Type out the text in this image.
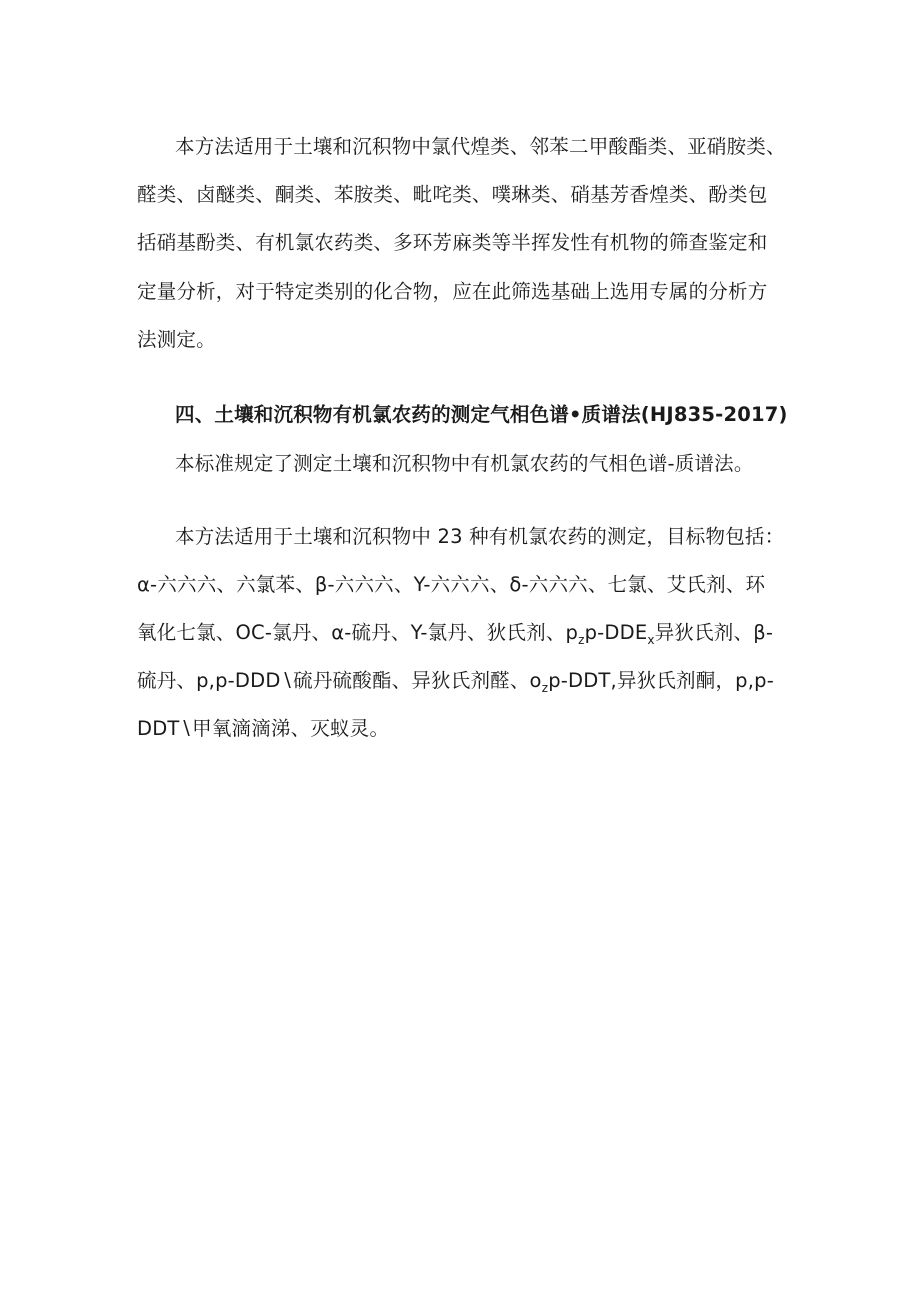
本方法适用于土壤和沉积物中氯代煌类、邻苯二甲酸酯类、亚硝胺类、
醛类、卤醚类、酮类、苯胺类、毗咤类、噗琳类、硝基芳香煌类、酚类包
括硝基酚类、有机氯农药类、多环芳麻类等半挥发性有机物的筛查鉴定和
定量分析，对于特定类别的化合物，应在此筛选基础上选用专属的分析方
法测定。
四、土壤和沉积物有机氯农药的测定气相色谱•质谱法(HJ835-2017)
本标准规定了测定土壤和沉积物中有机氯农药的气相色谱-质谱法。
本方法适用于土壤和沉积物中 23 种有机氯农药的测定，目标物包括：
α-六六六、六氯苯、β-六六六、Y-六六六、δ-六六六、七氯、艾氏剂、环
氧化七氯、OC-氯丹、α-硫丹、Y-氯丹、狄氏剂、$p_zp-DDE_x$异狄氏剂、β-
硫丹、p,p-DDD∖硫丹硫酸酯、异狄氏剂醛、$o_zp$-DDT,异狄氏剂酮，p,p-
DDT∖甲氧滴滴涕、灭蚁灵。
